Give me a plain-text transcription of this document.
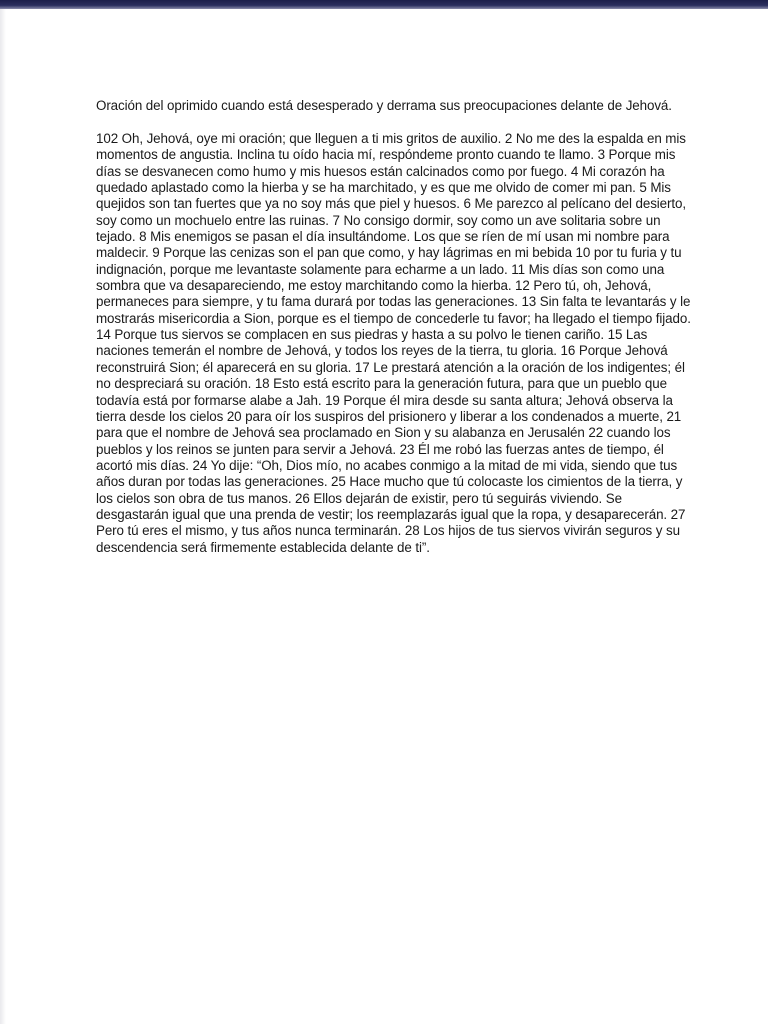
Oración del oprimido cuando está desesperado y derrama sus preocupaciones delante de Jehová.

102 Oh, Jehová, oye mi oración; que lleguen a ti mis gritos de auxilio. 2 No me des la espalda en mis momentos de angustia. Inclina tu oído hacia mí, respóndeme pronto cuando te llamo. 3 Porque mis días se desvanecen como humo y mis huesos están calcinados como por fuego. 4 Mi corazón ha quedado aplastado como la hierba y se ha marchitado, y es que me olvido de comer mi pan. 5 Mis quejidos son tan fuertes que ya no soy más que piel y huesos. 6 Me parezco al pelícano del desierto, soy como un mochuelo entre las ruinas. 7 No consigo dormir, soy como un ave solitaria sobre un tejado. 8 Mis enemigos se pasan el día insultándome. Los que se ríen de mí usan mi nombre para maldecir. 9 Porque las cenizas son el pan que como, y hay lágrimas en mi bebida 10 por tu furia y tu indignación, porque me levantaste solamente para echarme a un lado. 11 Mis días son como una sombra que va desapareciendo, me estoy marchitando como la hierba. 12 Pero tú, oh, Jehová, permaneces para siempre, y tu fama durará por todas las generaciones. 13 Sin falta te levantarás y le mostrarás misericordia a Sion, porque es el tiempo de concederle tu favor; ha llegado el tiempo fijado. 14 Porque tus siervos se complacen en sus piedras y hasta a su polvo le tienen cariño. 15 Las naciones temerán el nombre de Jehová, y todos los reyes de la tierra, tu gloria. 16 Porque Jehová reconstruirá Sion; él aparecerá en su gloria. 17 Le prestará atención a la oración de los indigentes; él no despreciará su oración. 18 Esto está escrito para la generación futura, para que un pueblo que todavía está por formarse alabe a Jah. 19 Porque él mira desde su santa altura; Jehová observa la tierra desde los cielos 20 para oír los suspiros del prisionero y liberar a los condenados a muerte, 21 para que el nombre de Jehová sea proclamado en Sion y su alabanza en Jerusalén 22 cuando los pueblos y los reinos se junten para servir a Jehová. 23 Él me robó las fuerzas antes de tiempo, él acortó mis días. 24 Yo dije: “Oh, Dios mío, no acabes conmigo a la mitad de mi vida, siendo que tus años duran por todas las generaciones. 25 Hace mucho que tú colocaste los cimientos de la tierra, y los cielos son obra de tus manos. 26 Ellos dejarán de existir, pero tú seguirás viviendo. Se desgastarán igual que una prenda de vestir; los reemplazarás igual que la ropa, y desaparecerán. 27 Pero tú eres el mismo, y tus años nunca terminarán. 28 Los hijos de tus siervos vivirán seguros y su descendencia será firmemente establecida delante de ti”.
